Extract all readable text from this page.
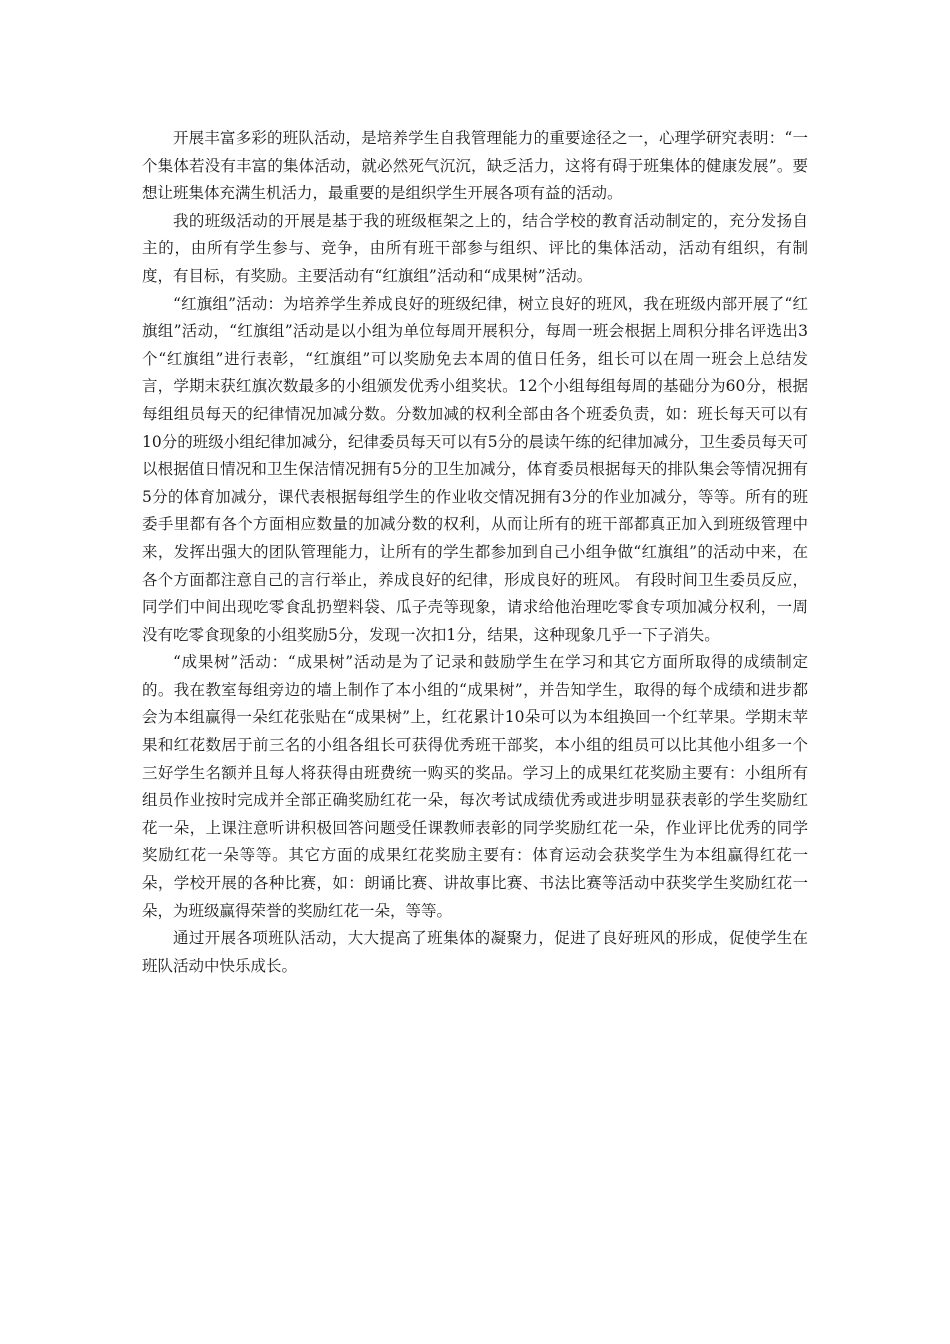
开展丰富多彩的班队活动，是培养学生自我管理能力的重要途径之一，心理学研究表明：“一个集体若没有丰富的集体活动，就必然死气沉沉，缺乏活力，这将有碍于班集体的健康发展”。要想让班集体充满生机活力，最重要的是组织学生开展各项有益的活动。

我的班级活动的开展是基于我的班级框架之上的，结合学校的教育活动制定的，充分发扬自主的，由所有学生参与、竞争，由所有班干部参与组织、评比的集体活动，活动有组织，有制度，有目标，有奖励。主要活动有“红旗组”活动和“成果树”活动。

“红旗组”活动：为培养学生养成良好的班级纪律，树立良好的班风，我在班级内部开展了“红旗组”活动，“红旗组”活动是以小组为单位每周开展积分，每周一班会根据上周积分排名评选出3个“红旗组”进行表彰，“红旗组”可以奖励免去本周的值日任务，组长可以在周一班会上总结发言，学期末获红旗次数最多的小组颁发优秀小组奖状。12个小组每组每周的基础分为60分，根据每组组员每天的纪律情况加减分数。分数加减的权利全部由各个班委负责，如：班长每天可以有10分的班级小组纪律加减分，纪律委员每天可以有5分的晨读午练的纪律加减分，卫生委员每天可以根据值日情况和卫生保洁情况拥有5分的卫生加减分，体育委员根据每天的排队集会等情况拥有5分的体育加减分，课代表根据每组学生的作业收交情况拥有3分的作业加减分，等等。所有的班委手里都有各个方面相应数量的加减分数的权利，从而让所有的班干部都真正加入到班级管理中来，发挥出强大的团队管理能力，让所有的学生都参加到自己小组争做“红旗组”的活动中来，在各个方面都注意自己的言行举止，养成良好的纪律，形成良好的班风。 有段时间卫生委员反应，同学们中间出现吃零食乱扔塑料袋、瓜子壳等现象，请求给他治理吃零食专项加减分权利，一周没有吃零食现象的小组奖励5分，发现一次扣1分，结果，这种现象几乎一下子消失。

“成果树”活动：“成果树”活动是为了记录和鼓励学生在学习和其它方面所取得的成绩制定的。我在教室每组旁边的墙上制作了本小组的“成果树”，并告知学生，取得的每个成绩和进步都会为本组赢得一朵红花张贴在“成果树”上，红花累计10朵可以为本组换回一个红苹果。学期末苹果和红花数居于前三名的小组各组长可获得优秀班干部奖，本小组的组员可以比其他小组多一个三好学生名额并且每人将获得由班费统一购买的奖品。学习上的成果红花奖励主要有：小组所有组员作业按时完成并全部正确奖励红花一朵，每次考试成绩优秀或进步明显获表彰的学生奖励红花一朵，上课注意听讲积极回答问题受任课教师表彰的同学奖励红花一朵，作业评比优秀的同学奖励红花一朵等等。其它方面的成果红花奖励主要有：体育运动会获奖学生为本组赢得红花一朵，学校开展的各种比赛，如：朗诵比赛、讲故事比赛、书法比赛等活动中获奖学生奖励红花一朵，为班级赢得荣誉的奖励红花一朵，等等。

通过开展各项班队活动，大大提高了班集体的凝聚力，促进了良好班风的形成，促使学生在班队活动中快乐成长。
